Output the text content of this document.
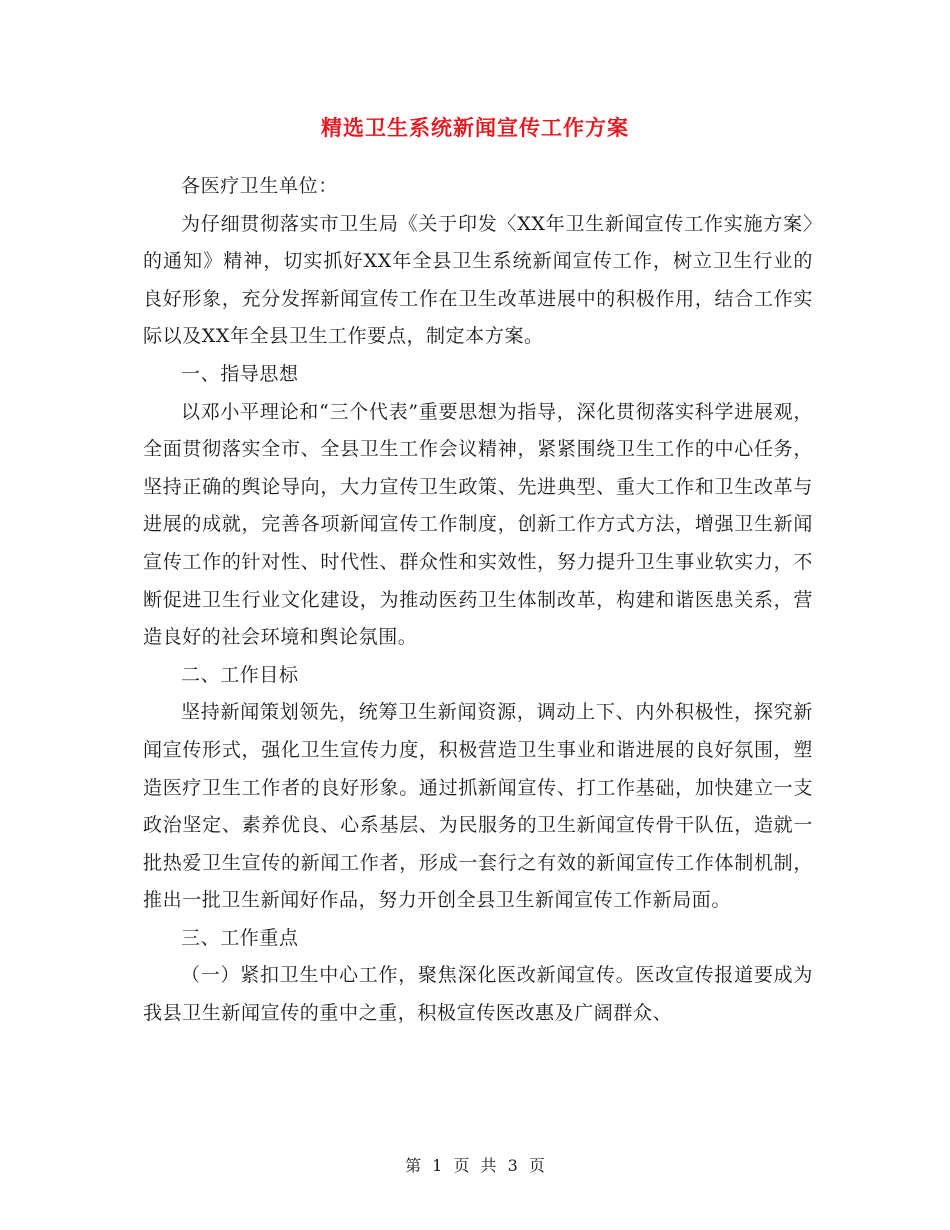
精选卫生系统新闻宣传工作方案

各医疗卫生单位：

为仔细贯彻落实市卫生局《关于印发〈XX年卫生新闻宣传工作实施方案〉的通知》精神，切实抓好XX年全县卫生系统新闻宣传工作，树立卫生行业的良好形象，充分发挥新闻宣传工作在卫生改革进展中的积极作用，结合工作实际以及XX年全县卫生工作要点，制定本方案。

一、指导思想

以邓小平理论和“三个代表”重要思想为指导，深化贯彻落实科学进展观，全面贯彻落实全市、全县卫生工作会议精神，紧紧围绕卫生工作的中心任务，坚持正确的舆论导向，大力宣传卫生政策、先进典型、重大工作和卫生改革与进展的成就，完善各项新闻宣传工作制度，创新工作方式方法，增强卫生新闻宣传工作的针对性、时代性、群众性和实效性，努力提升卫生事业软实力，不断促进卫生行业文化建设，为推动医药卫生体制改革，构建和谐医患关系，营造良好的社会环境和舆论氛围。

二、工作目标

坚持新闻策划领先，统筹卫生新闻资源，调动上下、内外积极性，探究新闻宣传形式，强化卫生宣传力度，积极营造卫生事业和谐进展的良好氛围，塑造医疗卫生工作者的良好形象。通过抓新闻宣传、打工作基础，加快建立一支政治坚定、素养优良、心系基层、为民服务的卫生新闻宣传骨干队伍，造就一批热爱卫生宣传的新闻工作者，形成一套行之有效的新闻宣传工作体制机制，推出一批卫生新闻好作品，努力开创全县卫生新闻宣传工作新局面。

三、工作重点

（一）紧扣卫生中心工作，聚焦深化医改新闻宣传。医改宣传报道要成为我县卫生新闻宣传的重中之重，积极宣传医改惠及广阔群众、

第 1 页 共 3 页
